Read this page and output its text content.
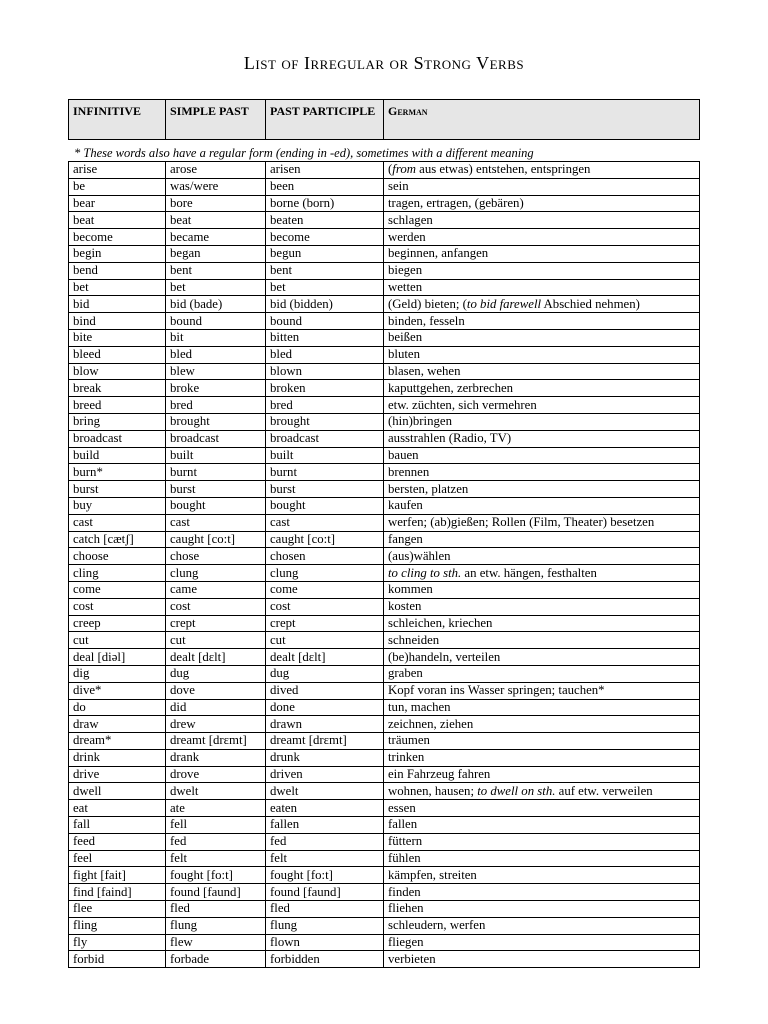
List of Irregular or Strong Verbs
INFINITIVE	SIMPLE PAST	PAST PARTICIPLE	German
* These words also have a regular form (ending in -ed), sometimes with a different meaning
arise	arose	arisen	(from aus etwas) entstehen, entspringen
be	was/were	been	sein
bear	bore	borne (born)	tragen, ertragen, (gebären)
beat	beat	beaten	schlagen
become	became	become	werden
begin	began	begun	beginnen, anfangen
bend	bent	bent	biegen
bet	bet	bet	wetten
bid	bid (bade)	bid (bidden)	(Geld) bieten; (to bid farewell Abschied nehmen)
bind	bound	bound	binden, fesseln
bite	bit	bitten	beißen
bleed	bled	bled	bluten
blow	blew	blown	blasen, wehen
break	broke	broken	kaputtgehen, zerbrechen
breed	bred	bred	etw. züchten, sich vermehren
bring	brought	brought	(hin)bringen
broadcast	broadcast	broadcast	ausstrahlen (Radio, TV)
build	built	built	bauen
burn*	burnt	burnt	brennen
burst	burst	burst	bersten, platzen
buy	bought	bought	kaufen
cast	cast	cast	werfen; (ab)gießen; Rollen (Film, Theater) besetzen
catch [cætʃ]	caught [co:t]	caught [co:t]	fangen
choose	chose	chosen	(aus)wählen
cling	clung	clung	to cling to sth. an etw. hängen, festhalten
come	came	come	kommen
cost	cost	cost	kosten
creep	crept	crept	schleichen, kriechen
cut	cut	cut	schneiden
deal [diəl]	dealt [dɛlt]	dealt [dɛlt]	(be)handeln, verteilen
dig	dug	dug	graben
dive*	dove	dived	Kopf voran ins Wasser springen; tauchen*
do	did	done	tun, machen
draw	drew	drawn	zeichnen, ziehen
dream*	dreamt [drɛmt]	dreamt [drɛmt]	träumen
drink	drank	drunk	trinken
drive	drove	driven	ein Fahrzeug fahren
dwell	dwelt	dwelt	wohnen, hausen; to dwell on sth. auf etw. verweilen
eat	ate	eaten	essen
fall	fell	fallen	fallen
feed	fed	fed	füttern
feel	felt	felt	fühlen
fight [fait]	fought [fo:t]	fought [fo:t]	kämpfen, streiten
find [faind]	found [faund]	found [faund]	finden
flee	fled	fled	fliehen
fling	flung	flung	schleudern, werfen
fly	flew	flown	fliegen
forbid	forbade	forbidden	verbieten
